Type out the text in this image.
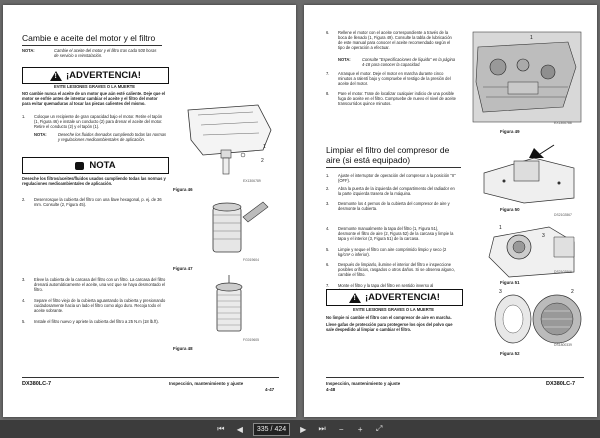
Cambie e aceite del motor y el filtro
NOTA:	Cambie el aceite del motor y el filtro tras cada 500 horas de servicio o reinstalación.
!
¡ADVERTENCIA!
EVITE LESIONES GRAVES O LA MUERTE
NO cambie nunca el aceite de un motor que aún esté caliente. Deje que el motor se enfríe antes de intentar cambiar el aceite y el filtro del motor para evitar quemaduras al tocar las piezas calientes del mismo.
1. Coloque un recipiente de gran capacidad bajo el motor. Retire el tapón (1, Figura 46) e instale un conducto (2) para drenar el aceite del motor. Retire el conducto (2) y el tapón (1).
NOTA:	Deseche los fluidos drenados cumpliendo todas las normas y regulaciones medioambientales de aplicación.
NOTA
Deseche los filtros/aceites/fluidos usados cumpliendo todas las normas y regulaciones medioambientales de aplicación.
2. Desenrosque la cubierta del filtro con una llave hexagonal, p. ej. de 36 mm. Consulte (2, Figura 45).
3. Eleve la cubierta de la carcasa del filtro con un filtro. La carcasa del filtro drenará automáticamente el aceite, una vez que se haya desmontado el filtro.
4. Separe el filtro viejo de la cubierta aguantando la cubierta y presionando cuidadosamente hacia un lado el filtro como algo duro. Recoja todo el aceite sobrante.
5. Instale el filtro nuevo y apriete la cubierta del filtro a 25 N.m (18 lb.ft).
2
1
Figura 46
EX1306789
Figura 47
FG019604
Figura 48
FG019605
DX380LC-7	Inspección, mantenimiento y ajuste
4-47
6. Rellene el motor con el aceite correspondiente a través de la boca de llenado (1, Figura 49). Consulte la tabla de lubricación de este manual para conocer el aceite recomendado según el tipo de operación a efectuar.
NOTA:	Consulte "Especificaciones de líquido" en la página 4-18 para conocer la capacidad.
7. Arranque el motor. Deje el motor en marcha durante cinco minutos a ralentí bajo y compruebe el testigo de la presión del aceite del motor.
8. Pare el motor. Trate de localizar cualquier indicio de una posible fuga de aceite en el filtro. Compruebe de nuevo el nivel de aceite transcurridos quince minutos.
1
Figura 49
EX1306788
Limpiar el filtro del compresor de aire (si está equipado)
1. Ajuste el interruptor de operación del compresor a la posición "II" (OFF).
2. Abra la puerta de la izquierda del compartimento del radiador en la parte izquierda trasera de la máquina.
3. Desmonte los 4 pernos de la cubierta del compresor de aire y desmonte la cubierta.	Figura 50
DS2102867
4. Desmonte manualmente la tapa del filtro (1, Figura 51), desmonte el filtro de aire (2, Figura 52) de la carcasa y limpie la tapa y el interior (3, Figura 51) de la carcasa.
5. Limpie y seque el filtro con aire comprimido limpio y seco (2 kg/cm² o inferior).
6. Después de limpiarlo, ilumine el interior del filtro e inspeccione posibles orificios, rasgados o otros daños. Si se observa alguno, cambie el filtro.
7. Monte el filtro y la tapa del filtro en sentido inverso al
1
3
Figura 51
DS2102866
!
¡ADVERTENCIA!
EVITE LESIONES GRAVES O LA MUERTE
No limpie ni cambie el filtro con el compresor de aire en marcha.
Lleve gafas de protección para protegerse los ojos del polvo que sale despedido al limpiar o cambiar el filtro.
3	2
Figura 52
DS1800339
Inspección, mantenimiento y ajuste
4-48
DX380LC-7
⏮	◀	335 / 424	▶	⏭	−	+	⤢
